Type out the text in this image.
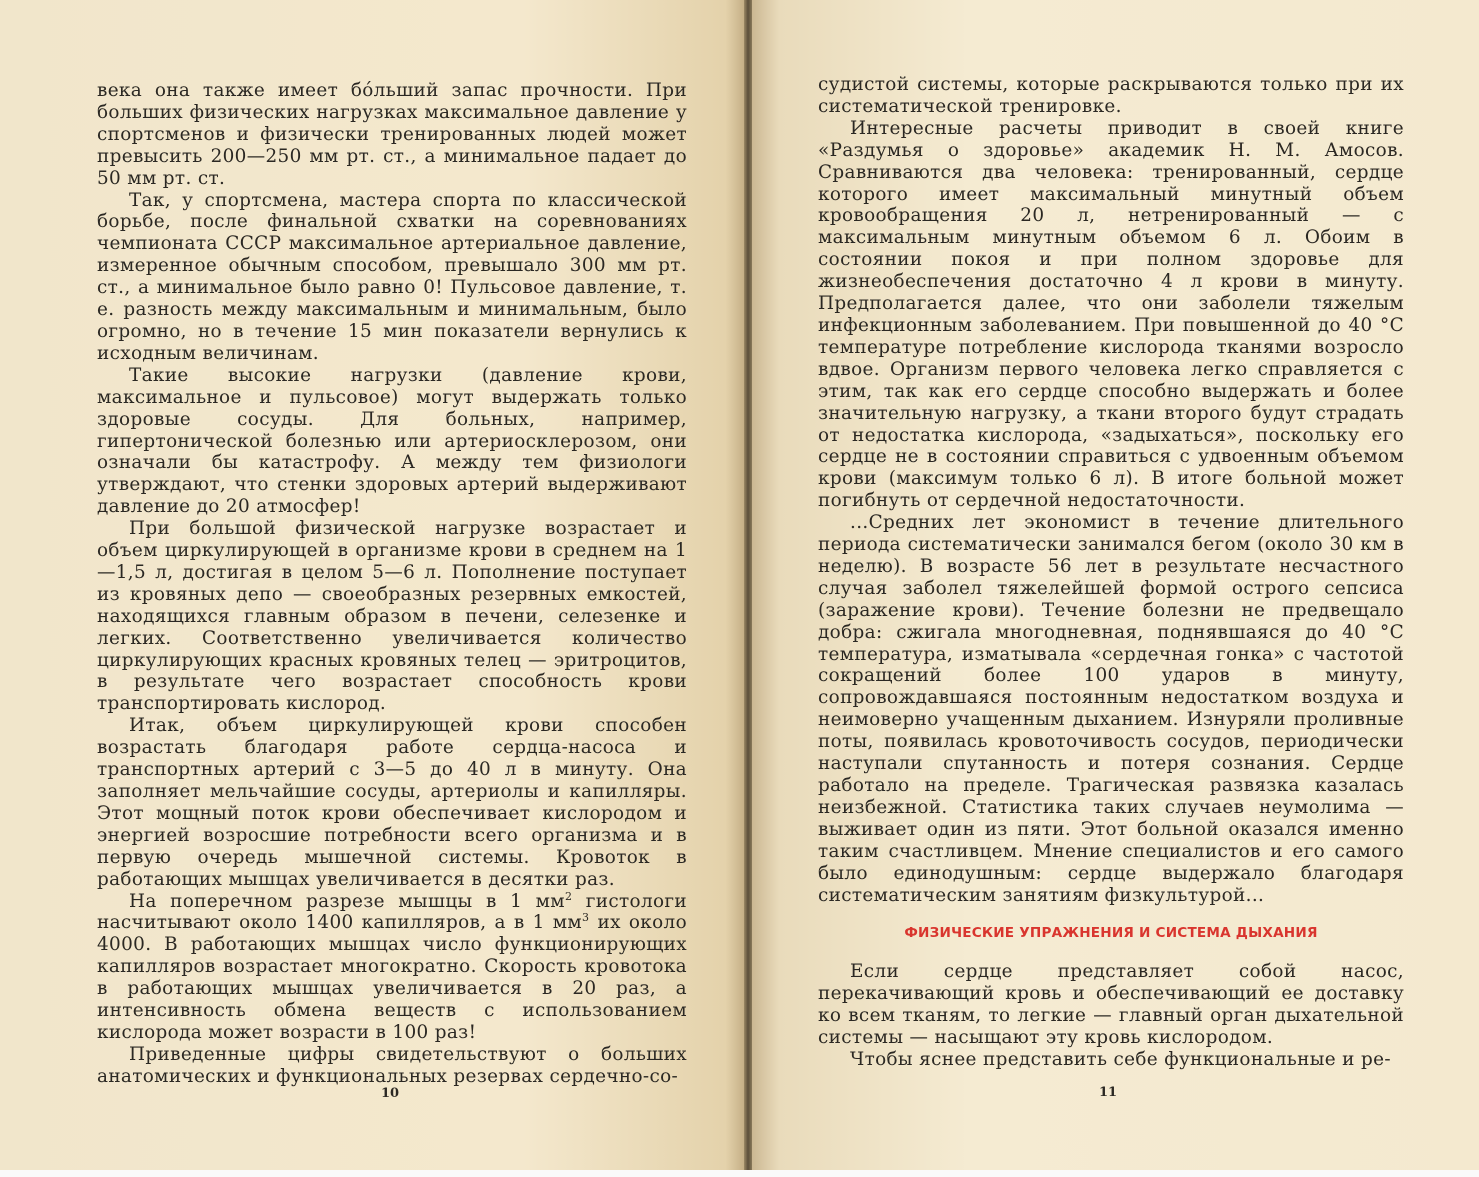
века она также имеет бóльший запас прочности. При больших физических нагрузках максимальное давление у спортсменов и физически тренированных людей может превысить 200—250 мм рт. ст., а минимальное падает до 50 мм рт. ст.

Так, у спортсмена, мастера спорта по классической борьбе, после финальной схватки на соревнованиях чемпионата СССР максимальное артериальное давление, измеренное обычным способом, превышало 300 мм рт. ст., а минимальное было равно 0! Пульсовое давление, т. е. разность между максимальным и минимальным, было огромно, но в течение 15 мин показатели вернулись к исходным величинам.

Такие высокие нагрузки (давление крови, максимальное и пульсовое) могут выдержать только здоровые сосуды. Для больных, например, гипертонической болезнью или артериосклерозом, они означали бы катастрофу. А между тем физиологи утверждают, что стенки здоровых артерий выдерживают давление до 20 атмосфер!

При большой физической нагрузке возрастает и объем циркулирующей в организме крови в среднем на 1—1,5 л, достигая в целом 5—6 л. Пополнение поступает из кровяных депо — своеобразных резервных емкостей, находящихся главным образом в печени, селезенке и легких. Соответственно увеличивается количество циркулирующих красных кровяных телец — эритроцитов, в результате чего возрастает способность крови транспортировать кислород.

Итак, объем циркулирующей крови способен возрастать благодаря работе сердца-насоса и транспортных артерий с 3—5 до 40 л в минуту. Она заполняет мельчайшие сосуды, артериолы и капилляры. Этот мощный поток крови обеспечивает кислородом и энергией возросшие потребности всего организма и в первую очередь мышечной системы. Кровоток в работающих мышцах увеличивается в десятки раз.

На поперечном разрезе мышцы в 1 $мм^2$ гистологи насчитывают около 1400 капилляров, а в 1 $мм^3$ их около 4000. В работающих мышцах число функционирующих капилляров возрастает многократно. Скорость кровотока в работающих мышцах увеличивается в 20 раз, а интенсивность обмена веществ с использованием кислорода может возрасти в 100 раз!

Приведенные цифры свидетельствуют о больших анатомических и функциональных резервах сердечно-со-

10

судистой системы, которые раскрываются только при их систематической тренировке.

Интересные расчеты приводит в своей книге «Раздумья о здоровье» академик Н. М. Амосов. Сравниваются два человека: тренированный, сердце которого имеет максимальный минутный объем кровообращения 20 л, нетренированный — с максимальным минутным объемом 6 л. Обоим в состоянии покоя и при полном здоровье для жизнеобеспечения достаточно 4 л крови в минуту. Предполагается далее, что они заболели тяжелым инфекционным заболеванием. При повышенной до 40 °С температуре потребление кислорода тканями возросло вдвое. Организм первого человека легко справляется с этим, так как его сердце способно выдержать и более значительную нагрузку, а ткани второго будут страдать от недостатка кислорода, «задыхаться», поскольку его сердце не в состоянии справиться с удвоенным объемом крови (максимум только 6 л). В итоге больной может погибнуть от сердечной недостаточности.

...Средних лет экономист в течение длительного периода систематически занимался бегом (около 30 км в неделю). В возрасте 56 лет в результате несчастного случая заболел тяжелейшей формой острого сепсиса (заражение крови). Течение болезни не предвещало добра: сжигала многодневная, поднявшаяся до 40 °С температура, изматывала «сердечная гонка» с частотой сокращений более 100 ударов в минуту, сопровождавшаяся постоянным недостатком воздуха и неимоверно учащенным дыханием. Изнуряли проливные поты, появилась кровоточивость сосудов, периодически наступали спутанность и потеря сознания. Сердце работало на пределе. Трагическая развязка казалась неизбежной. Статистика таких случаев неумолима — выживает один из пяти. Этот больной оказался именно таким счастливцем. Мнение специалистов и его самого было единодушным: сердце выдержало благодаря систематическим занятиям физкультурой...

ФИЗИЧЕСКИЕ УПРАЖНЕНИЯ И СИСТЕМА ДЫХАНИЯ

Если сердце представляет собой насос, перекачивающий кровь и обеспечивающий ее доставку ко всем тканям, то легкие — главный орган дыхательной системы — насыщают эту кровь кислородом.

Чтобы яснее представить себе функциональные и ре-

11
